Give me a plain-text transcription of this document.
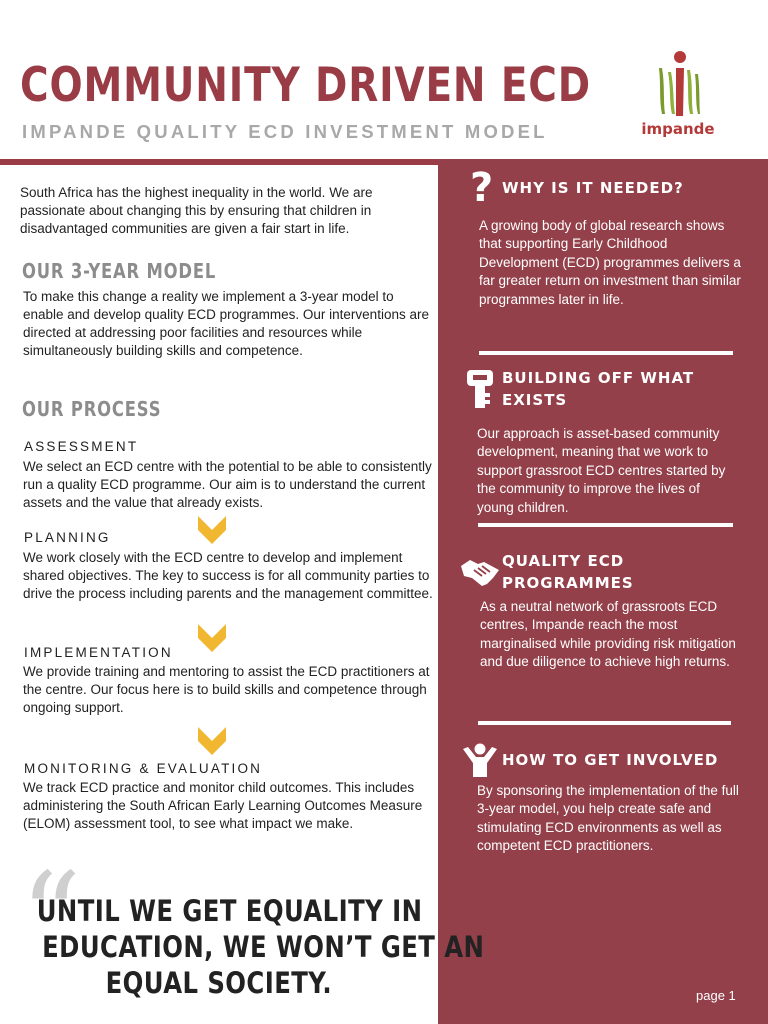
COMMUNITY DRIVEN ECD
IMPANDE QUALITY ECD INVESTMENT MODEL	impande
South Africa has the highest inequality in the world. We are passionate about changing this by ensuring that children in disadvantaged communities are given a fair start in life.
OUR 3-YEAR MODEL
To make this change a reality we implement a 3-year model to enable and develop quality ECD programmes. Our interventions are directed at addressing poor facilities and resources while simultaneously building skills and competence.
OUR PROCESS
ASSESSMENT
We select an ECD centre with the potential to be able to consistently run a quality ECD programme. Our aim is to understand the current assets and the value that already exists.
PLANNING
We work closely with the ECD centre to develop and implement shared objectives. The key to success is for all community parties to drive the process including parents and the management committee.
IMPLEMENTATION
We provide training and mentoring to assist the ECD practitioners at the centre. Our focus here is to build skills and competence through ongoing support.
MONITORING & EVALUATION
We track ECD practice and monitor child outcomes. This includes administering the South African Early Learning Outcomes Measure (ELOM) assessment tool, to see what impact we make.
“
UNTIL WE GET EQUALITY IN
EDUCATION, WE WON’T GET AN
EQUAL SOCIETY.
? WHY IS IT NEEDED?
A growing body of global research shows that supporting Early Childhood Development (ECD) programmes delivers a far greater return on investment than similar programmes later in life.
BUILDING OFF WHAT
EXISTS
Our approach is asset-based community development, meaning that we work to support grassroot ECD centres started by the community to improve the lives of young children.
QUALITY ECD
PROGRAMMES
As a neutral network of grassroots ECD centres, Impande reach the most marginalised while providing risk mitigation and due diligence to achieve high returns.
HOW TO GET INVOLVED
By sponsoring the implementation of the full 3-year model, you help create safe and stimulating ECD environments as well as competent ECD practitioners.
page 1
